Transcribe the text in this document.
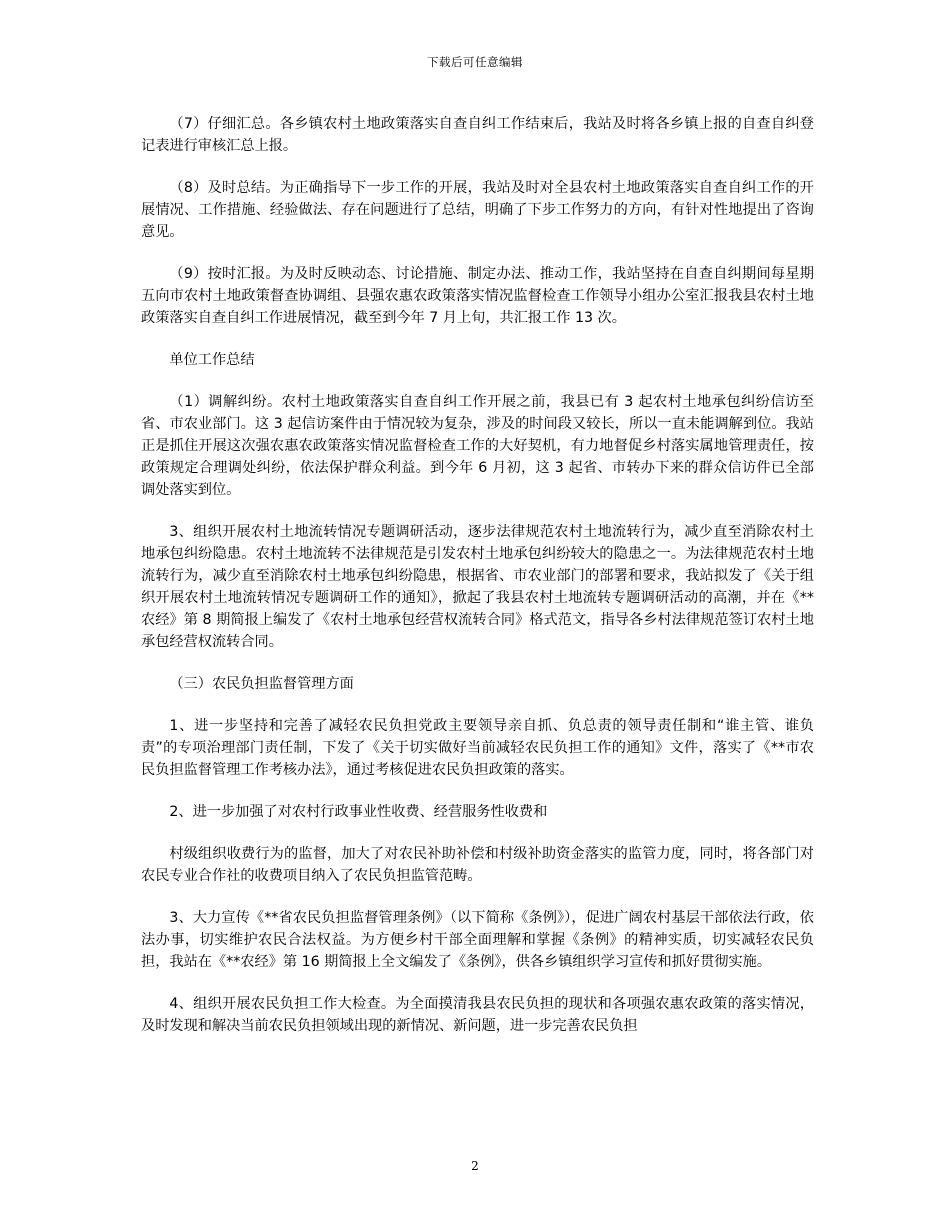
下载后可任意编辑

（7）仔细汇总。各乡镇农村土地政策落实自查自纠工作结束后，我站及时将各乡镇上报的自查自纠登记表进行审核汇总上报。

（8）及时总结。为正确指导下一步工作的开展，我站及时对全县农村土地政策落实自查自纠工作的开展情况、工作措施、经验做法、存在问题进行了总结，明确了下步工作努力的方向，有针对性地提出了咨询意见。

（9）按时汇报。为及时反映动态、讨论措施、制定办法、推动工作，我站坚持在自查自纠期间每星期五向市农村土地政策督查协调组、县强农惠农政策落实情况监督检查工作领导小组办公室汇报我县农村土地政策落实自查自纠工作进展情况，截至到今年 7 月上旬，共汇报工作 13 次。

单位工作总结

（1）调解纠纷。农村土地政策落实自查自纠工作开展之前，我县已有 3 起农村土地承包纠纷信访至省、市农业部门。这 3 起信访案件由于情况较为复杂，涉及的时间段又较长，所以一直未能调解到位。我站正是抓住开展这次强农惠农政策落实情况监督检查工作的大好契机，有力地督促乡村落实属地管理责任，按政策规定合理调处纠纷，依法保护群众利益。到今年 6 月初，这 3 起省、市转办下来的群众信访件已全部调处落实到位。

3、组织开展农村土地流转情况专题调研活动，逐步法律规范农村土地流转行为，减少直至消除农村土地承包纠纷隐患。农村土地流转不法律规范是引发农村土地承包纠纷较大的隐患之一。为法律规范农村土地流转行为，减少直至消除农村土地承包纠纷隐患，根据省、市农业部门的部署和要求，我站拟发了《关于组织开展农村土地流转情况专题调研工作的通知》，掀起了我县农村土地流转专题调研活动的高潮，并在《**农经》第 8 期简报上编发了《农村土地承包经营权流转合同》格式范文，指导各乡村法律规范签订农村土地承包经营权流转合同。

（三）农民负担监督管理方面

1、进一步坚持和完善了减轻农民负担党政主要领导亲自抓、负总责的领导责任制和“谁主管、谁负责”的专项治理部门责任制，下发了《关于切实做好当前减轻农民负担工作的通知》文件，落实了《**市农民负担监督管理工作考核办法》，通过考核促进农民负担政策的落实。

2、进一步加强了对农村行政事业性收费、经营服务性收费和

村级组织收费行为的监督，加大了对农民补助补偿和村级补助资金落实的监管力度，同时，将各部门对农民专业合作社的收费项目纳入了农民负担监管范畴。

3、大力宣传《**省农民负担监督管理条例》（以下简称《条例》），促进广阔农村基层干部依法行政，依法办事，切实维护农民合法权益。为方便乡村干部全面理解和掌握《条例》的精神实质，切实减轻农民负担，我站在《**农经》第 16 期简报上全文编发了《条例》，供各乡镇组织学习宣传和抓好贯彻实施。

4、组织开展农民负担工作大检查。为全面摸清我县农民负担的现状和各项强农惠农政策的落实情况，及时发现和解决当前农民负担领域出现的新情况、新问题，进一步完善农民负担

2
